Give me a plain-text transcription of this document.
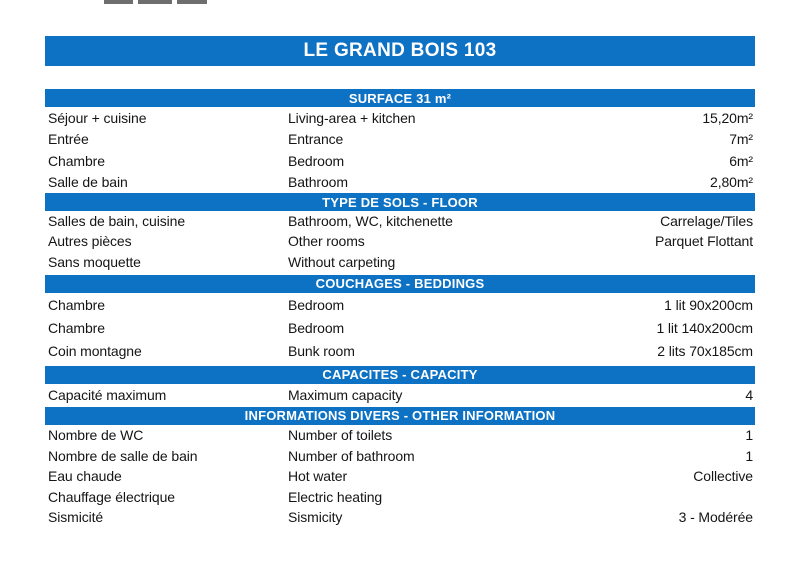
LE GRAND BOIS 103
SURFACE 31 m²
Séjour + cuisine	Living-area + kitchen	15,20m²
Entrée	Entrance	7m²
Chambre	Bedroom	6m²
Salle de bain	Bathroom	2,80m²
TYPE DE SOLS - FLOOR
Salles de bain, cuisine	Bathroom, WC, kitchenette	Carrelage/Tiles
Autres pièces	Other rooms	Parquet Flottant
Sans moquette	Without carpeting
COUCHAGES - BEDDINGS
Chambre	Bedroom	1 lit 90x200cm
Chambre	Bedroom	1 lit 140x200cm
Coin montagne	Bunk room	2 lits 70x185cm
CAPACITES - CAPACITY
Capacité maximum	Maximum capacity	4
INFORMATIONS DIVERS - OTHER INFORMATION
Nombre de WC	Number of toilets	1
Nombre de salle de bain	Number of bathroom	1
Eau chaude	Hot water	Collective
Chauffage électrique	Electric heating
Sismicité	Sismicity	3 - Modérée
